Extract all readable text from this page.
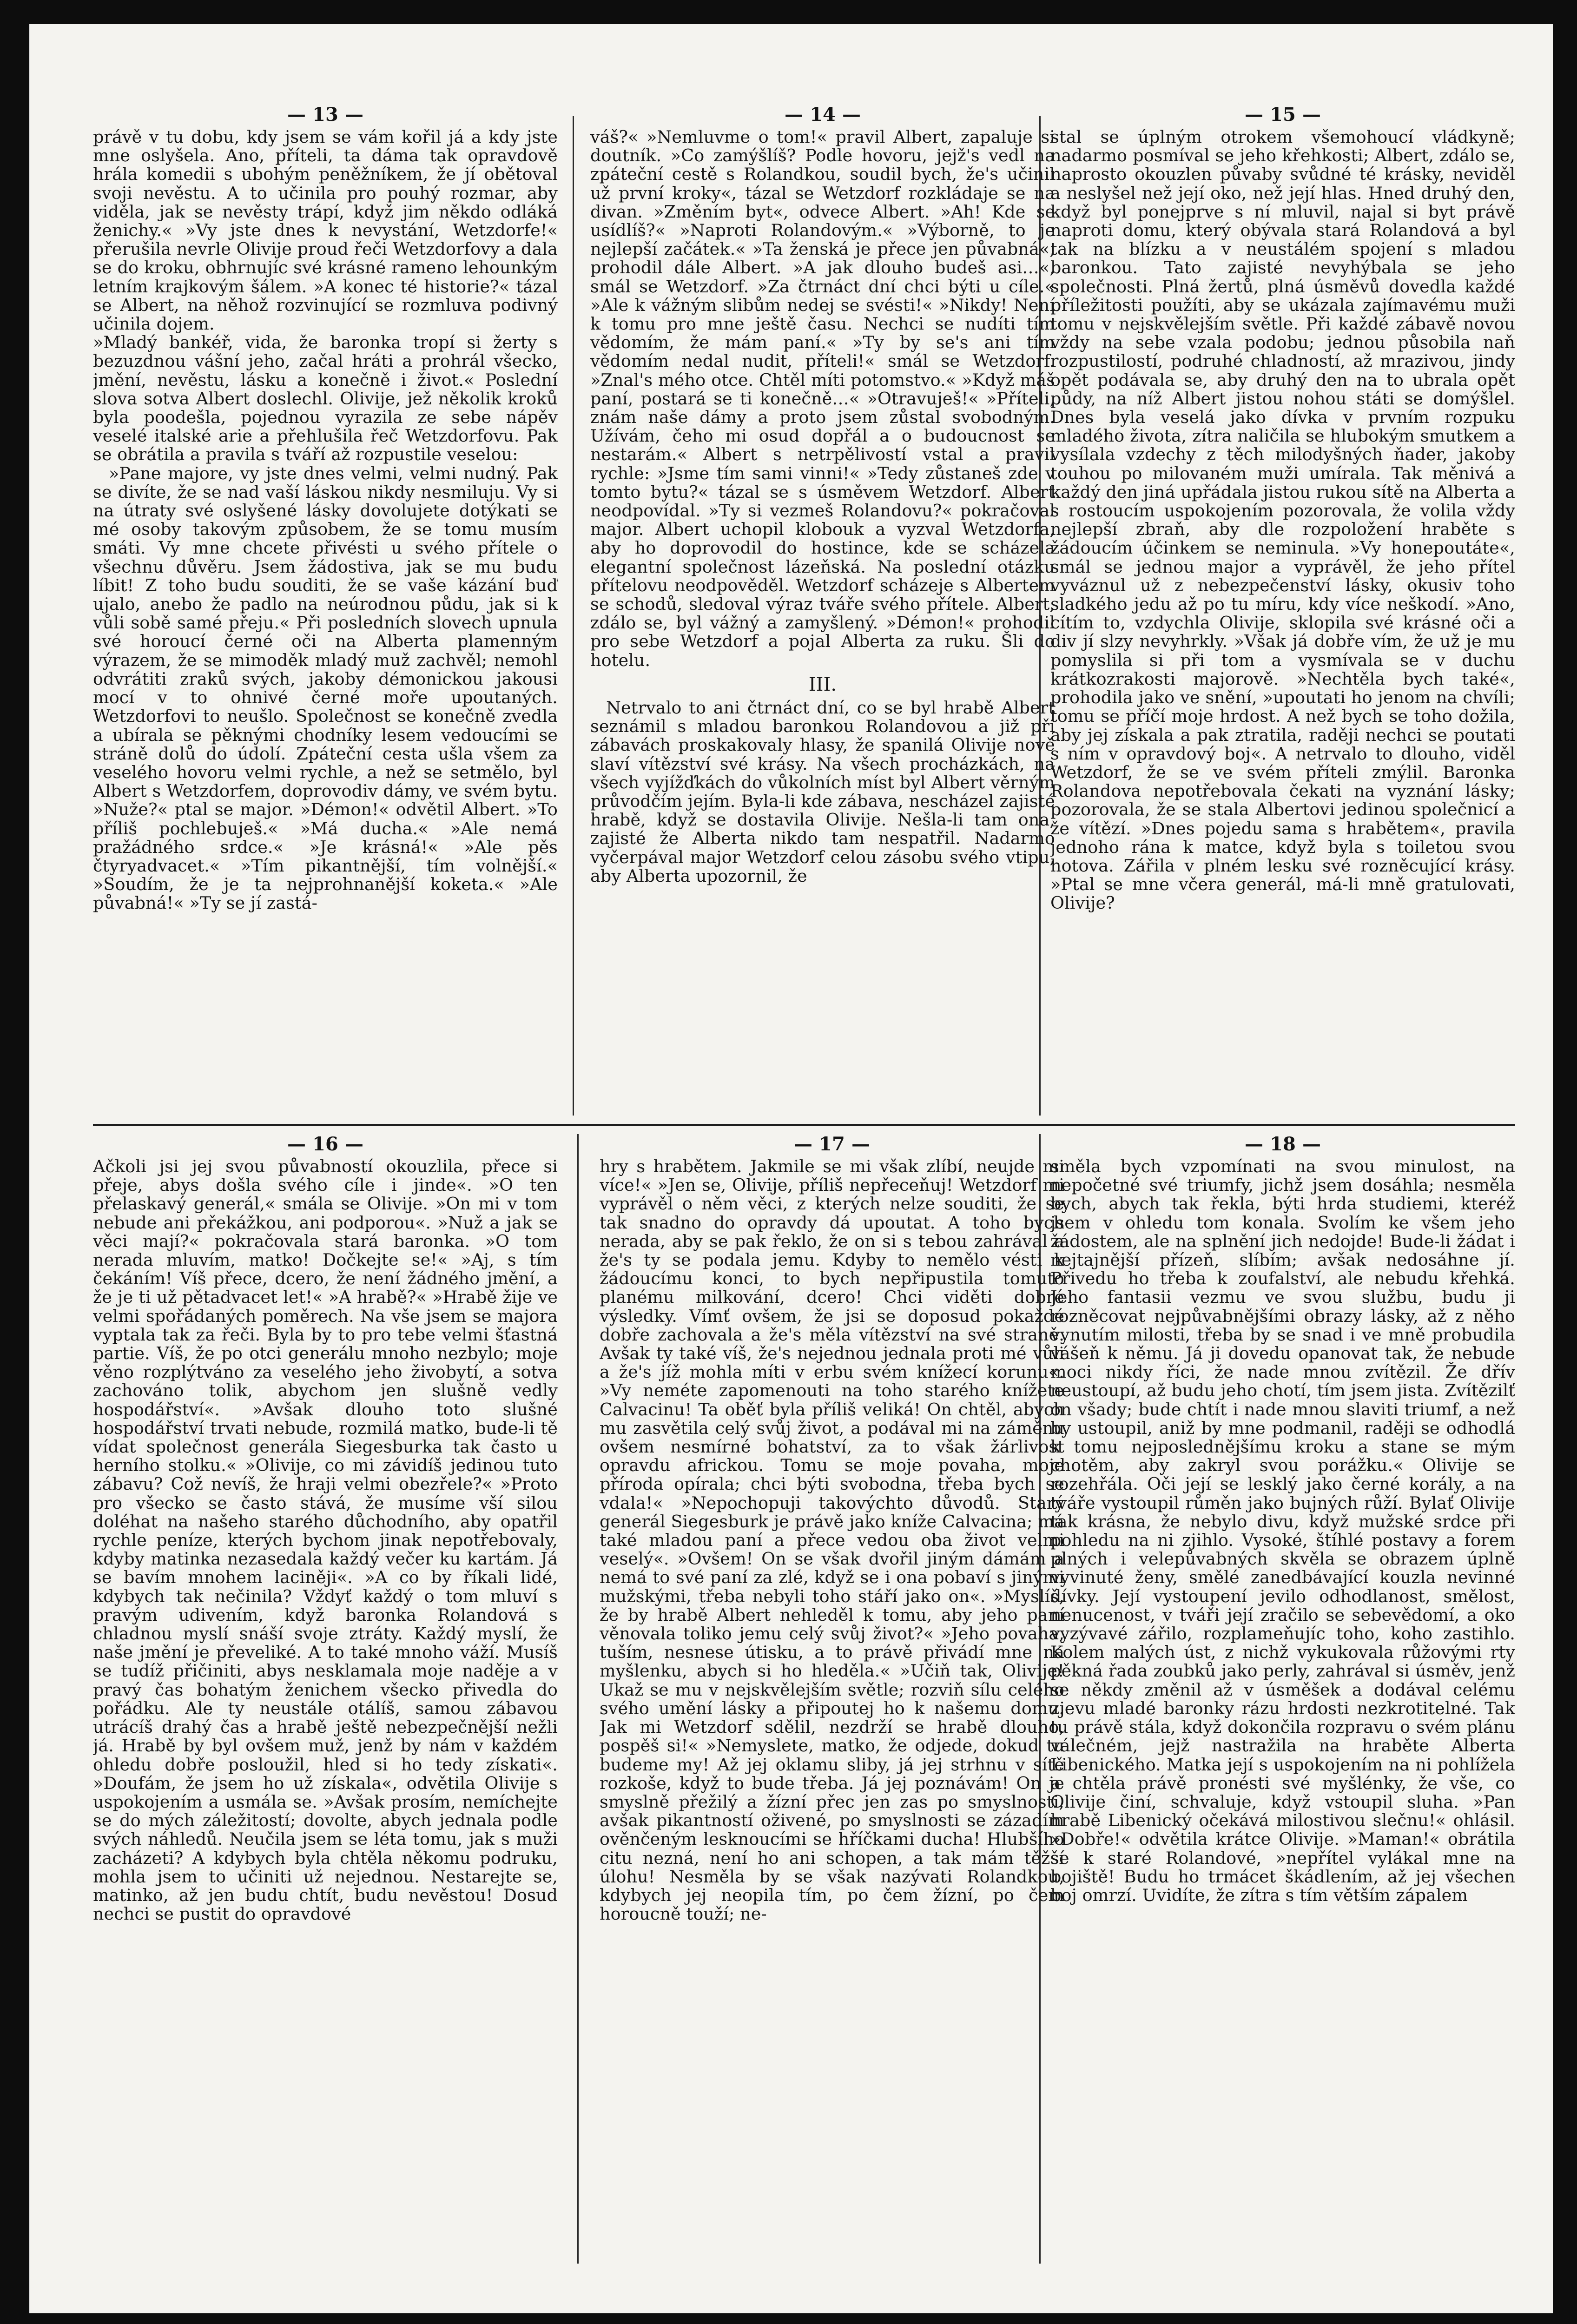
— 13 —

právě v tu dobu, kdy jsem se vám kořil já a kdy jste mne oslyšela. Ano, příteli, ta dáma tak opravdově hrála komedii s ubohým peněžníkem, že jí obětoval svoji nevěstu. A to učinila pro pouhý rozmar, aby viděla, jak se nevěsty trápí, když jim někdo odláká ženichy.« »Vy jste dnes k nevystání, Wetzdorfe!« přerušila nevrle Olivije proud řeči Wetzdorfovy a dala se do kroku, obhrnujíc své krásné rameno lehounkým letním krajkovým šálem. »A konec té historie?« tázal se Albert, na něhož rozvinující se rozmluva podivný učinila dojem.

»Mladý bankéř, vida, že baronka tropí si žerty s bezuzdnou vášní jeho, začal hráti a prohrál všecko, jmění, nevěstu, lásku a konečně i život.« Poslední slova sotva Albert doslechl. Olivije, jež několik kroků byla poodešla, pojednou vyrazila ze sebe nápěv veselé italské arie a přehlušila řeč Wetzdorfovu. Pak se obrátila a pravila s tváří až rozpustile veselou:

»Pane majore, vy jste dnes velmi, velmi nudný. Pak se divíte, že se nad vaší láskou nikdy nesmiluju. Vy si na útraty své oslyšené lásky dovolujete dotýkati se mé osoby takovým způsobem, že se tomu musím smáti. Vy mne chcete přivésti u svého přítele o všechnu důvěru. Jsem žádostiva, jak se mu budu líbit! Z toho budu souditi, že se vaše kázání buď ujalo, anebo že padlo na neúrodnou půdu, jak si k vůli sobě samé přeju.« Při posledních slovech upnula své horoucí černé oči na Alberta plamenným výrazem, že se mimoděk mladý muž zachvěl; nemohl odvrátiti zraků svých, jakoby démonickou jakousi mocí v to ohnivé černé moře upoutaných. Wetzdorfovi to neušlo. Společnost se konečně zvedla a ubírala se pěknými chodníky lesem vedoucími se stráně dolů do údolí. Zpáteční cesta ušla všem za veselého hovoru velmi rychle, a než se setmělo, byl Albert s Wetzdorfem, doprovodiv dámy, ve svém bytu. »Nuže?« ptal se major. »Démon!« odvětil Albert. »To příliš pochlebuješ.« »Má ducha.« »Ale nemá pražádného srdce.« »Je krásná!« »Ale pěs čtyryadvacet.« »Tím pikantnější, tím volnější.« »Soudím, že je ta nejprohnanější koketa.« »Ale půvabná!« »Ty se jí zastá-

— 14 —

váš?« »Nemluvme o tom!« pravil Albert, zapaluje si doutník. »Co zamýšlíš? Podle hovoru, jejž's vedl na zpáteční cestě s Rolandkou, soudil bych, že's učinil už první kroky«, tázal se Wetzdorf rozkládaje se na divan. »Změním byt«, odvece Albert. »Ah! Kde se usídlíš?« »Naproti Rolandovým.« »Výborně, to je nejlepší začátek.« »Ta ženská je přece jen půvabná«, prohodil dále Albert. »A jak dlouho budeš asi…«, smál se Wetzdorf. »Za čtrnáct dní chci býti u cíle.« »Ale k vážným slibům nedej se svésti!« »Nikdy! Není k tomu pro mne ještě času. Nechci se nudíti tím vědomím, že mám paní.« »Ty by se's ani tím vědomím nedal nudit, příteli!« smál se Wetzdorf. »Znal's mého otce. Chtěl míti potomstvo.« »Když máš paní, postará se ti konečně…« »Otravuješ!« »Příteli, znám naše dámy a proto jsem zůstal svobodným. Užívám, čeho mi osud dopřál a o budoucnost se nestarám.« Albert s netrpělivostí vstal a pravil rychle: »Jsme tím sami vinni!« »Tedy zůstaneš zde v tomto bytu?« tázal se s úsměvem Wetzdorf. Albert neodpovídal. »Ty si vezmeš Rolandovu?« pokračoval major. Albert uchopil klobouk a vyzval Wetzdorfa, aby ho doprovodil do hostince, kde se scházela elegantní společnost lázeňská. Na poslední otázku přítelovu neodpověděl. Wetzdorf scházeje s Albertem se schodů, sledoval výraz tváře svého přítele. Albert, zdálo se, byl vážný a zamyšlený. »Démon!« prohodil pro sebe Wetzdorf a pojal Alberta za ruku. Šli do hotelu.

III.

Netrvalo to ani čtrnáct dní, co se byl hrabě Albert seznámil s mladou baronkou Rolandovou a již při zábavách proskakovaly hlasy, že spanilá Olivije nově slaví vítězství své krásy. Na všech procházkách, na všech vyjížďkách do vůkolních míst byl Albert věrným průvodčím jejím. Byla-li kde zábava, nescházel zajisté hrabě, když se dostavila Olivije. Nešla-li tam ona, zajisté že Alberta nikdo tam nespatřil. Nadarmo vyčerpával major Wetzdorf celou zásobu svého vtipu, aby Alberta upozornil, že

— 15 —

stal se úplným otrokem všemohoucí vládkyně; nadarmo posmíval se jeho křehkosti; Albert, zdálo se, naprosto okouzlen půvaby svůdné té krásky, neviděl a neslyšel než její oko, než její hlas. Hned druhý den, když byl ponejprve s ní mluvil, najal si byt právě naproti domu, který obývala stará Rolandová a byl tak na blízku a v neustálém spojení s mladou baronkou. Tato zajisté nevyhýbala se jeho společnosti. Plná žertů, plná úsměvů dovedla každé příležitosti použíti, aby se ukázala zajímavému muži tomu v nejskvělejším světle. Při každé zábavě novou vždy na sebe vzala podobu; jednou působila naň rozpustilostí, podruhé chladností, až mrazivou, jindy opět podávala se, aby druhý den na to ubrala opět půdy, na níž Albert jistou nohou státi se domýšlel. Dnes byla veselá jako dívka v prvním rozpuku mladého života, zítra naličila se hlubokým smutkem a vysílala vzdechy z těch milodyšných ňader, jakoby touhou po milovaném muži umírala. Tak měnivá a každý den jiná upřádala jistou rukou sítě na Alberta a s rostoucím uspokojením pozorovala, že volila vždy nejlepší zbraň, aby dle rozpoložení hraběte s žádoucím účinkem se neminula. »Vy honepoutáte«, smál se jednou major a vyprávěl, že jeho přítel vyváznul už z nebezpečenství lásky, okusiv toho sladkého jedu až po tu míru, kdy více neškodí. »Ano, cítím to, vzdychla Olivije, sklopila své krásné oči a div jí slzy nevyhrkly. »Však já dobře vím, že už je mu pomyslila si při tom a vysmívala se v duchu krátkozrakosti majorově. »Nechtěla bych také«, prohodila jako ve snění, »upoutati ho jenom na chvíli; tomu se příčí moje hrdost. A než bych se toho dožila, aby jej získala a pak ztratila, raději nechci se poutati s ním v opravdový boj«. A netrvalo to dlouho, viděl Wetzdorf, že se ve svém příteli zmýlil. Baronka Rolandova nepotřebovala čekati na vyznání lásky; pozorovala, že se stala Albertovi jedinou společnicí a že vítězí. »Dnes pojedu sama s hrabětem«, pravila jednoho rána k matce, když byla s toiletou svou hotova. Zářila v plném lesku své rozněcující krásy. »Ptal se mne včera generál, má-li mně gratulovati, Olivije?

— 16 —

Ačkoli jsi jej svou půvabností okouzlila, přece si přeje, abys došla svého cíle i jinde«. »O ten přelaskavý generál,« smála se Olivije. »On mi v tom nebude ani překážkou, ani podporou«. »Nuž a jak se věci mají?« pokračovala stará baronka. »O tom nerada mluvím, matko! Dočkejte se!« »Aj, s tím čekáním! Víš přece, dcero, že není žádného jmění, a že je ti už pětadvacet let!« »A hrabě?« »Hrabě žije ve velmi spořádaných poměrech. Na vše jsem se majora vyptala tak za řeči. Byla by to pro tebe velmi šťastná partie. Víš, že po otci generálu mnoho nezbylo; moje věno rozplýtváno za veselého jeho živobytí, a sotva zachováno tolik, abychom jen slušně vedly hospodářství«. »Avšak dlouho toto slušné hospodářství trvati nebude, rozmilá matko, bude-li tě vídat společnost generála Siegesburka tak často u herního stolku.« »Olivije, co mi závidíš jedinou tuto zábavu? Což nevíš, že hraji velmi obezřele?« »Proto pro všecko se často stává, že musíme vší silou doléhat na našeho starého důchodního, aby opatřil rychle peníze, kterých bychom jinak nepotřebovaly, kdyby matinka nezasedala každý večer ku kartám. Já se bavím mnohem laciněji«. »A co by říkali lidé, kdybych tak nečinila? Vždyť každý o tom mluví s pravým udivením, když baronka Rolandová s chladnou myslí snáší svoje ztráty. Každý myslí, že naše jmění je převeliké. A to také mnoho váží. Musíš se tudíž přičiniti, abys nesklamala moje naděje a v pravý čas bohatým ženichem všecko přivedla do pořádku. Ale ty neustále otálíš, samou zábavou utrácíš drahý čas a hrabě ještě nebezpečnější nežli já. Hrabě by byl ovšem muž, jenž by nám v každém ohledu dobře posloužil, hled si ho tedy získati«. »Doufám, že jsem ho už získala«, odvětila Olivije s uspokojením a usmála se. »Avšak prosím, nemíchejte se do mých záležitostí; dovolte, abych jednala podle svých náhledů. Neučila jsem se léta tomu, jak s muži zacházeti? A kdybych byla chtěla někomu podruku, mohla jsem to učiniti už nejednou. Nestarejte se, matinko, až jen budu chtít, budu nevěstou! Dosud nechci se pustit do opravdové

— 17 —

hry s hrabětem. Jakmile se mi však zlíbí, neujde mi více!« »Jen se, Olivije, příliš nepřeceňuj! Wetzdorf mi vyprávěl o něm věci, z kterých nelze souditi, že se tak snadno do opravdy dá upoutat. A toho bych nerada, aby se pak řeklo, že on si s tebou zahrával a že's ty se podala jemu. Kdyby to nemělo vésti k žádoucímu konci, to bych nepřipustila tomuto planému milkování, dcero! Chci viděti dobré výsledky. Vímť ovšem, že jsi se doposud pokaždé dobře zachovala a že's měla vítězství na své straně. Avšak ty také víš, že's nejednou jednala proti mé vůli a že's jíž mohla míti v erbu svém knížecí korunu«. »Vy neméte zapomenouti na toho starého knížete Calvacinu! Ta oběť byla příliš veliká! On chtěl, abych mu zasvětila celý svůj život, a podával mi na záměnu ovšem nesmírné bohatství, za to však žárlivost opravdu africkou. Tomu se moje povaha, moje příroda opírala; chci býti svobodna, třeba bych se vdala!« »Nepochopuji takovýchto důvodů. Starý generál Siegesburk je právě jako kníže Calvacina; má také mladou paní a přece vedou oba život velmi veselý«. »Ovšem! On se však dvořil jiným dámám a nemá to své paní za zlé, když se i ona pobaví s jinými mužskými, třeba nebyli toho stáří jako on«. »Myslíš, že by hrabě Albert nehleděl k tomu, aby jeho paní věnovala toliko jemu celý svůj život?« »Jeho povaha, tuším, nesnese útisku, a to právě přivádí mne na myšlenku, abych si ho hleděla.« »Učiň tak, Olivije! Ukaž se mu v nejskvělejším světle; rozviň sílu celého svého umění lásky a připoutej ho k našemu domu. Jak mi Wetzdorf sdělil, nezdrží se hrabě dlouho, pospěš si!« »Nemyslete, matko, že odjede, dokud tu budeme my! Až jej oklamu sliby, já jej strhnu v sítě rozkoše, když to bude třeba. Já jej poznávám! On je smyslně přežilý a žízní přec jen zas po smyslnosti, avšak pikantností oživené, po smyslnosti se zázadím ověnčeným lesknoucími se hříčkami ducha! Hlubšího citu nezná, není ho ani schopen, a tak mám těžší úlohu! Nesměla by se však nazývati Rolandkou, kdybych jej neopila tím, po čem žízní, po čem horoucně touží; ne-

— 18 —

směla bych vzpomínati na svou minulost, na nepočetné své triumfy, jichž jsem dosáhla; nesměla bych, abych tak řekla, býti hrda studiemi, kteréž jsem v ohledu tom konala. Svolím ke všem jeho žádostem, ale na splnění jich nedojde! Bude-li žádat i nejtajnější přízeň, slíbím; avšak nedosáhne jí. Přivedu ho třeba k zoufalství, ale nebudu křehká. Jeho fantasii vezmu ve svou službu, budu ji rozněcovat nejpůvabnějšími obrazy lásky, až z něho vynutím milosti, třeba by se snad i ve mně probudila vášeň k němu. Já ji dovedu opanovat tak, že nebude moci nikdy říci, že nade mnou zvítězil. Že dřív neustoupí, až budu jeho chotí, tím jsem jista. Zvítězilť on všady; bude chtít i nade mnou slaviti triumf, a než by ustoupil, aniž by mne podmanil, raději se odhodlá k tomu nejposlednějšímu kroku a stane se mým chotěm, aby zakryl svou porážku.« Olivije se rozehřála. Oči její se lesklý jako černé korály, a na tváře vystoupil růměn jako bujných růží. Bylať Olivije tak krásna, že nebylo divu, když mužské srdce při pohledu na ni zjihlo. Vysoké, štíhlé postavy a forem plných i velepůvabných skvěla se obrazem úplně vyvinuté ženy, smělé zanedbávající kouzla nevinné dívky. Její vystoupení jevilo odhodlanost, smělost, nenucenost, v tváři její zračilo se sebevědomí, a oko vyzývavé zářilo, rozplameňujíc toho, koho zastihlo. Kolem malých úst, z nichž vykukovala růžovými rty pěkná řada zoubků jako perly, zahrával si úsměv, jenž se někdy změnil až v úsměšek a dodával celému zjevu mladé baronky rázu hrdosti nezkrotitelné. Tak tu právě stála, když dokončila rozpravu o svém plánu válečném, jejž nastražila na hraběte Alberta Libenického. Matka její s uspokojením na ni pohlížela a chtěla právě pronésti své myšlénky, že vše, co Olivije činí, schvaluje, když vstoupil sluha. »Pan hrabě Libenický očekává milostivou slečnu!« ohlásil. »Dobře!« odvětila krátce Olivije. »Maman!« obrátila se k staré Rolandové, »nepřítel vylákal mne na bojiště! Budu ho trmácet škádlením, až jej všechen boj omrzí. Uvidíte, že zítra s tím větším zápalem
